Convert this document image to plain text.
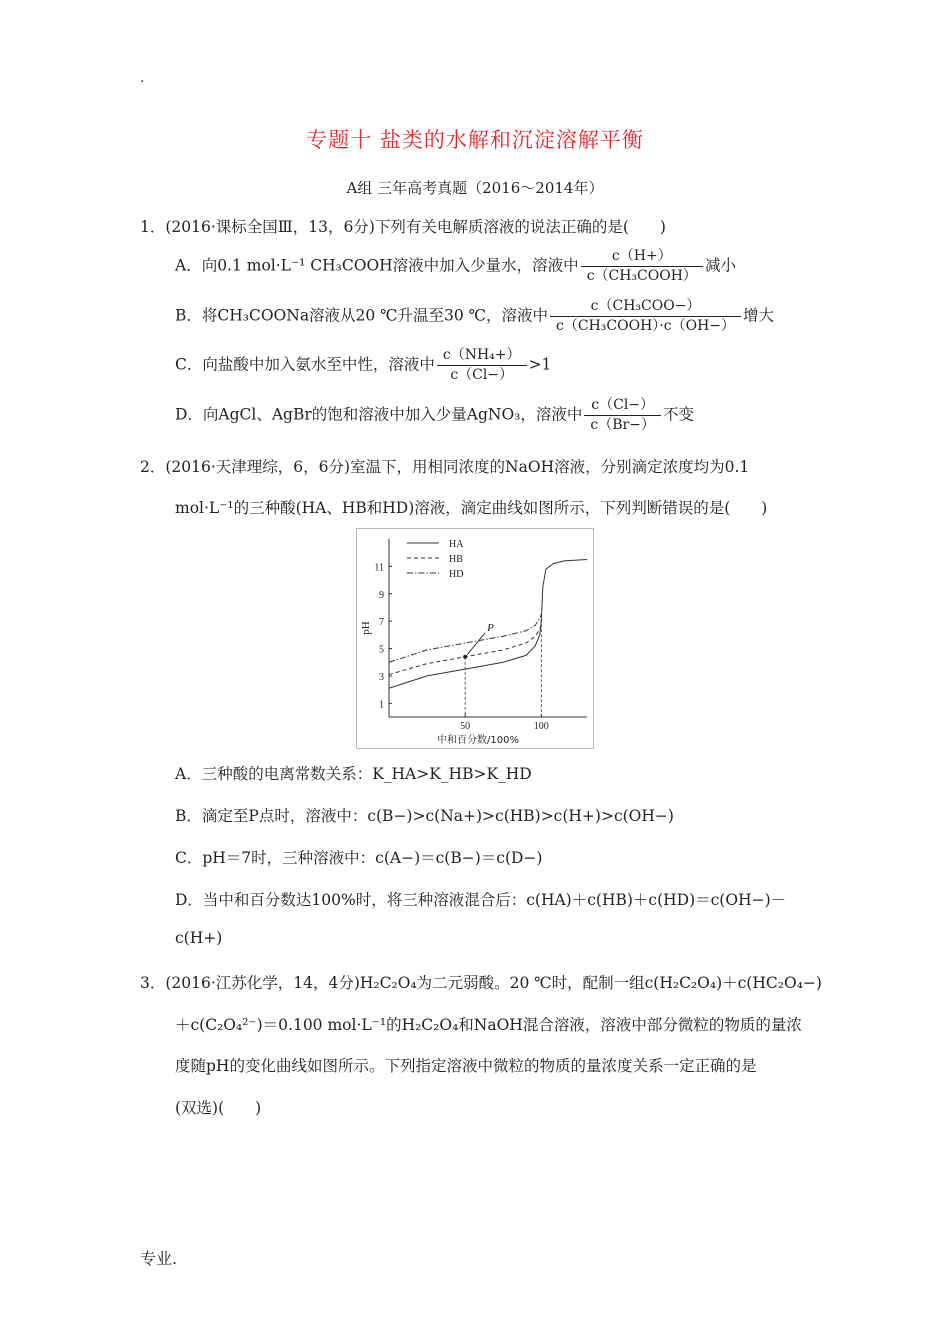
.
专题十 盐类的水解和沉淀溶解平衡
A组 三年高考真题（2016～2014年）
1．(2016·课标全国Ⅲ，13，6分)下列有关电解质溶液的说法正确的是(　　)
A．向0.1 mol·L⁻¹ CH₃COOH溶液中加入少量水，溶液中 $\frac{c(H+)}{\text{c（CH₃COOH）}}$ 减小
B．将CH₃COONa溶液从20 ℃升温至30 ℃，溶液中 $\frac{\text{c（CH₃COO−）}}{\text{c（CH₃COOH）·c（OH−）}}$ 增大
C．向盐酸中加入氨水至中性，溶液中 $\frac{\text{c（NH₄+）}}{c(Cl-)} >1$
D．向AgCl、AgBr的饱和溶液中加入少量AgNO₃，溶液中 $\frac{c(Cl-)}{c(Br-)}$ 不变
2．(2016·天津理综，6，6分)室温下，用相同浓度的NaOH溶液，分别滴定浓度均为0.1
mol·L⁻¹的三种酸(HA、HB和HD)溶液，滴定曲线如图所示，下列判断错误的是(　　)
1
3
5
7
9
11
50	100
中和百分数/100%
pH	P
HA
HB
HD
A．三种酸的电离常数关系：K_HA>K_HB>K_HD
B．滴定至P点时，溶液中：c(B−)>c(Na+)>c(HB)>c(H+)>c(OH−)
C．pH＝7时，三种溶液中：c(A−)＝c(B−)＝c(D−)
D．当中和百分数达100%时，将三种溶液混合后：c(HA)＋c(HB)＋c(HD)＝c(OH−)－
c(H+)
3．(2016·江苏化学，14，4分)H₂C₂O₄为二元弱酸。20 ℃时，配制一组c(H₂C₂O₄)＋c(HC₂O₄−)
＋c(C₂O₄²⁻)＝0.100 mol·L⁻¹的H₂C₂O₄和NaOH混合溶液，溶液中部分微粒的物质的量浓
度随pH的变化曲线如图所示。下列指定溶液中微粒的物质的量浓度关系一定正确的是
(双选)(　　)
专业.
